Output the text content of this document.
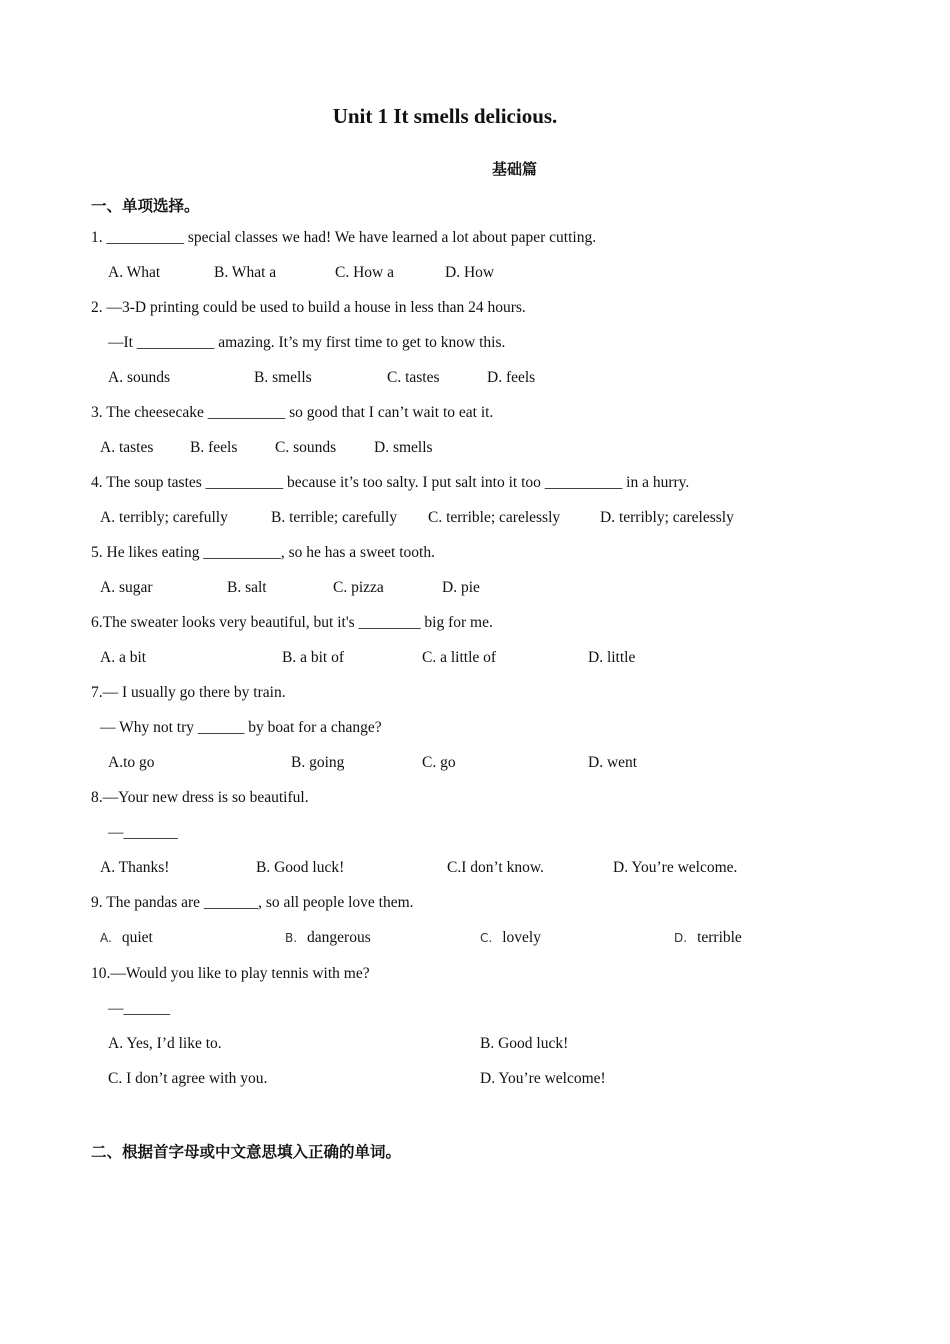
Unit 1 It smells delicious.
基础篇
一、单项选择。
1. __________ special classes we had! We have learned a lot about paper cutting.
A. What	B. What a	C. How a	D. How
2. —3-D printing could be used to build a house in less than 24 hours.
—It __________ amazing. It’s my first time to get to know this.
A. sounds	B. smells	C. tastes	D. feels
3. The cheesecake __________ so good that I can’t wait to eat it.
A. tastes B. feels C. sounds D. smells
4. The soup tastes __________ because it’s too salty. I put salt into it too __________ in a hurry.
A. terribly; carefully	B. terrible; carefully C. terrible; carelessly	D. terribly; carelessly
5. He likes eating __________, so he has a sweet tooth.
A. sugar	B. salt	C. pizza	D. pie
6.The sweater looks very beautiful, but it's ________ big for me.
A. a bit	B. a bit of	C. a little of	D. little
7.— I usually go there by train.
— Why not try ______ by boat for a change?
A.to go	B. going	C. go	D. went
8.—Your new dress is so beautiful.
—_______
A. Thanks!	B. Good luck!	C.I don’t know.	D. You’re welcome.
9. The pandas are _______, so all people love them.
A. quiet	B. dangerous	C. lovely	D. terrible
10.—Would you like to play tennis with me?
—______
A. Yes, I’d like to.	B. Good luck!
C. I don’t agree with you.	D. You’re welcome!
二、根据首字母或中文意思填入正确的单词。
